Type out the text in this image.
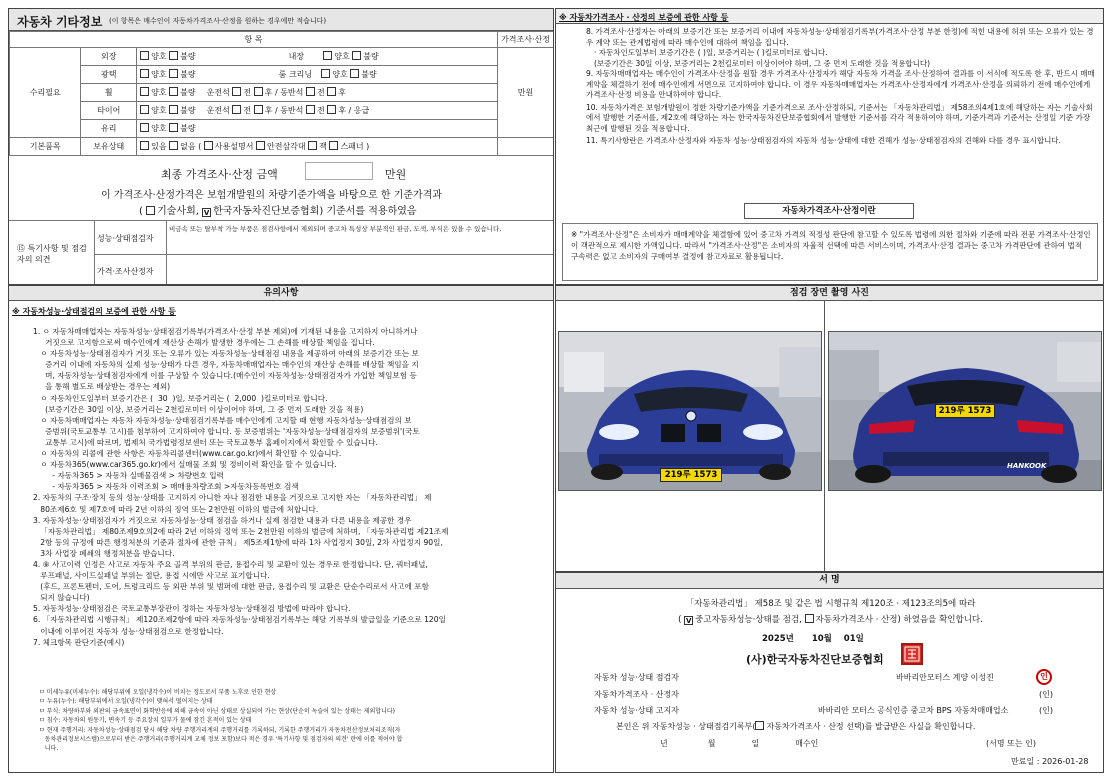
자동차 기타정보 (이 항목은 매수인이 자동차가격조사·산정을 원하는 경우에만 적습니다)
항 목			가격조사·산정
수리필요	외장	양호 불량 내장 양호 불량	만원
	광택	양호 불량 룸 크리닝 양호 불량	
	휠	양호 불량 운전석 전 후 / 동반석 전 후	
	타이어	양호 불량 운전석 전 후 / 동반석 전 후 / 응급	
	유리	양호 불량	
기본품목	보유상태	있음 없음 ( 사용설명서 안전삼각대 잭 스패너 )	
최종 가격조사·산정 금액	만원
이 가격조사·산정가격은 보험개발원의 차량기준가액을 바탕으로 한 기준가격과
( 기술사회, V 한국자동차진단보증협회) 기준서를 적용하였음
⑮ 특기사항 및 점검자의 의견
성능·상태점검자
비금속 또는 탈부착 가능 부품은 점검사항에서 제외되며 중고차 특성상 부분적인 판금, 도색, 부식은 있을 수 있습니다.
가격·조사산정자
※ 자동차가격조사 · 산정의 보증에 관한 사항 등

8. 가격조사·산정자는 아래의 보증기간 또는 보증거리 이내에 자동차성능·상태점검기록부(가격조사·산정 부분 한정)에 적힌 내용에 허위 또는 오류가 있는 경우 계약 또는 관계법령에 따라 매수인에 대하여 책임을 집니다.

· 자동차인도일부터 보증기간은 ( )일, 보증거리는 ( )킬로미터로 합니다.

(보증기간은 30일 이상, 보증거리는 2천킬로미터 이상이어야 하며, 그 중 먼저 도래한 것을 적용합니다)

9. 자동차매매업자는 매수인이 가격조사·산정을 원할 경우 가격조사·산정자가 해당 자동차 가격을 조사·산정하여 결과를 이 서식에 적도록 한 후, 반드시 매매계약을 체결하기 전에 매수인에게 서면으로 고지하여야 합니다. 이 경우 자동차매매업자는 가격조사·산정자에게 가격조사·산정을 의뢰하기 전에 매수인에게 가격조사·산정 비용을 안내하여야 합니다.

10. 자동차가격은 보험개발원이 정한 차량기준가액을 기준가격으로 조사·산정하되, 기준서는 「자동차관리법」 제58조의4제1호에 해당하는 자는 기술사회에서 발행한 기준서를, 제2호에 해당하는 자는 한국자동차진단보증협회에서 발행한 기준서를 각각 적용하여야 하며, 기준가격과 기준서는 산정일 기준 가장 최근에 발행된 것을 적용합니다.

11. 특기사항란은 가격조사·산정자와 자동차 성능·상태점검자의 자동차 성능·상태에 대한 견해가 성능·상태점검자의 견해와 다를 경우 표시합니다.

자동차가격조사·산정이란
※ "가격조사·산정"은 소비자가 매매계약을 체결함에 있어 중고차 가격의 적정성 판단에 참고할 수 있도록 법령에 의한 절차와 기준에 따라 전문 가격조사·산정인이 객관적으로 제시한 가액입니다. 따라서 "가격조사·산정"은 소비자의 자율적 선택에 따른 서비스이며, 가격조사·산정 결과는 중고차 가격판단에 관하여 법적 구속력은 없고 소비자의 구매여부 결정에 참고자료로 활용됩니다.
유의사항
※ 자동차성능·상태점검의 보증에 관한 사항 등
1. ㅇ 자동차매매업자는 자동차성능·상태점검기록부(가격조사·산정 부분 제외)에 기재된 내용을 고지하지 아니하거나
거짓으로 고지함으로써 매수인에게 재산상 손해가 발생한 경우에는 그 손해를 배상할 책임을 집니다.
ㅇ 자동차성능·상태점검자가 거짓 또는 오류가 있는 자동차성능·상태점검 내용을 제공하여 아래의 보증기간 또는 보
증거리 이내에 자동차의 실제 성능·상태가 다른 경우, 자동차매매업자는 매수인의 재산상 손해를 배상할 책임을 지
며, 자동차성능·상태점검자에게 이를 구상할 수 있습니다.(매수인이 자동차성능·상태점검자가 가입한 책임보험 등
을 통해 별도로 배상받는 경우는 제외)
ㅇ 자동차인도일부터 보증기간은 (  30  )일, 보증거리는 (  2,000  )킬로미터로 합니다.
(보증기간은 30일 이상, 보증거리는 2천킬로미터 이상이어야 하며, 그 중 먼저 도래한 것을 적용)
ㅇ 자동차매매업자는 자동차 자동차성능·상태점검기록부를 매수인에게 고지할 때 현행 자동차성능·상태점검의 보
증범위(국토교통부 고시)를 첨부하여 고지하여야 합니다. 동 보증범위는 '자동차성능·상태점검자의 보증범위'(국토
교통부 고시)에 따르며, 법제처 국가법령정보센터 또는 국토교통부 홈페이지에서 확인할 수 있습니다.
ㅇ 자동차의 리콜에 관한 사항은 자동차리콜센터(www.car.go.kr)에서 확인할 수 있습니다.
ㅇ 자동차365(www.car365.go.kr)에서 실매물 조회 및 정비이력 확인을 할 수 있습니다.
- 자동차365 > 자동차 실매물검색 > 차량번호 입력
- 자동차365 > 자동차 이력조회 > 매매용차량조회 >자동차등록번호 검색
2. 자동차의 구조·장치 등의 성능·상태를 고지하지 아니한 자나 점검한 내용을 거짓으로 고지한 자는 「자동차관리법」 제
80조제6호 및 제7호에 따라 2년 이하의 징역 또는 2천만원 이하의 벌금에 처합니다.
3. 자동차성능·상태점검자가 거짓으로 자동차성능·상태 점검을 하거나 실제 점검한 내용과 다른 내용을 제공한 경우
「자동차관리법」 제80조제9호의2에 따라 2년 이하의 징역 또는 2천만원 이하의 벌금에 처하며, 「자동차관리법 제21조제
2항 등의 규정에 따른 행정처분의 기준과 절차에 관한 규칙」 제5조제1항에 따라 1차 사업정지 30일, 2차 사업정지 90일,
3차 사업장 폐쇄의 행정처분을 받습니다.
4. ⑨ 사고이력 인정은 사고로 자동차 주요 골격 부위의 판금, 용접수리 및 교환이 있는 경우로 한정합니다. 단, 쿼터패널,
루프패널, 사이드실패널 부위는 절단, 용접 시에만 사고로 표기합니다.
(후드, 프론트펜더, 도어, 트렁크리드 등 외판 부위 및 범퍼에 대한 판금, 용접수리 및 교환은 단순수리로서 사고에 포함
되지 않습니다)
5. 자동차성능·상태점검은 국토교통부장관이 정하는 자동차성능·상태점검 방법에 따라야 합니다.
6. 「자동차관리법 시행규칙」 제120조제2항에 따라 자동차성능·상태점검기록부는 해당 기록부의 발급일을 기준으로 120일
이내에 이루어진 자동차 성능·상태점검으로 한정합니다.
7. 체크항목 판단기준(예시)
ㅁ 미세누유(미세누수): 해당부위에 오일(냉각수)이 비치는 정도로서 부품 노후로 인한 현상
ㅁ 누유(누수): 해당부위에서 오일(냉각수)이 맺혀서 떨어지는 상태
ㅁ 부식: 차량하부와 외판의 금속표면이 화학반응에 의해 금속이 아닌 상태로 상실되어 가는 현상(단순히 녹슬어 있는 상태는 제외합니다)
ㅁ 침수: 자동차의 원동기, 변속기 등 주요장치 일부가 물에 잠긴 흔적이 있는 상태
ㅁ 현재 주행거리: 자동차성능·상태점검 당시 해당 차량 주행거리계의 주행거리를 기록하되, 기록한 주행거리가 자동차전산정보처리조직(자
동차관리정보시스템)으로부터 받은 주행거리(주행거리계 교체 정보 포함)보다 적은 경우 '특기사항 및 점검자의 의견' 란에 이를 적어야 합
니다.
점검 장면 촬영 사진
219루 1573
219루 1573
HANKOOK
서 명
「자동차관리법」 제58조 및 같은 법 시행규칙 제120조 · 제123조의5에 따라
( V중고자동차성능·상태를 점검, 자동차가격조사 · 산정) 하였음을 확인합니다.
2025년 10월 01일
(사)한국자동차진단보증협회
자동차 성능·상태 점검자	바바리안모터스 계양 이성진	인
자동차가격조사 · 산정자	(인)
자동차 성능·상태 고지자	바바리안 모터스 공식인증 중고차 BPS 자동차매매업소	(인)
본인은 위 자동차성능 · 상태점검기록부( 자동차가격조사 · 산정 선택)를 발급받은 사실을 확인합니다.
년	월	일	매수인	(서명 또는 인)
만료일 : 2026-01-28
